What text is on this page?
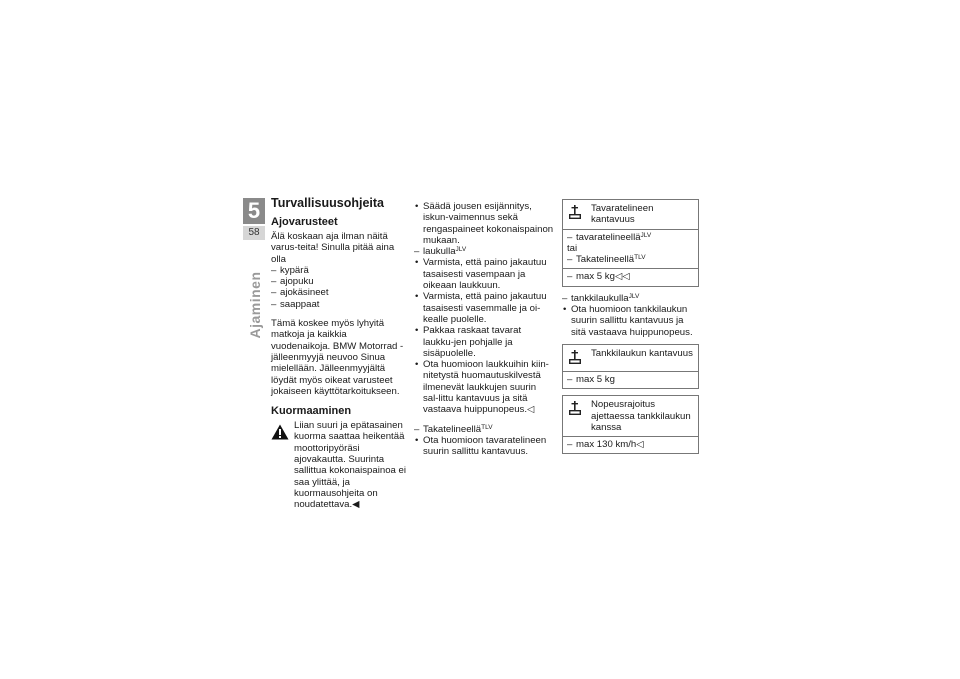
5
58
Ajaminen
Turvallisuusohjeita
Ajovarusteet

Älä koskaan aja ilman näitä varus-teita! Sinulla pitää aina olla

– kypärä
– ajopuku
– ajokäsineet
– saappaat

Tämä koskee myös lyhyitä matkoja ja kaikkia vuodenaikoja. BMW Motorrad -jälleenmyyjä neuvoo Sinua mielellään. Jälleenmyyjältä löydät myös oikeat varusteet jokaiseen käyttötarkoitukseen.

Kuormaaminen
Liian suuri ja epätasainen kuorma saattaa heikentää moottoripyöräsi ajovakautta. Suurinta sallittua kokonaispainoa ei saa ylittää, ja kuormausohjeita on noudatettava.◀
• Säädä jousen esijännitys, iskun-vaimennus sekä rengaspaineet kokonaispainon mukaan.
– laukulla$^{JLV}$
• Varmista, että paino jakautuu tasaisesti vasempaan ja oikeaan laukkuun.
• Varmista, että paino jakautuu tasaisesti vasemmalle ja oi-kealle puolelle.
• Pakkaa raskaat tavarat laukku-jen pohjalle ja sisäpuolelle.
• Ota huomioon laukkuihin kiin-nitetystä huomautuskilvestä ilmenevät laukkujen suurin sal-littu kantavuus ja sitä vastaava huippunopeus.◁
– Takatelineellä$^{TLV}$
• Ota huomioon tavaratelineen suurin sallittu kantavuus.
Tavaratelineen kantavuus
– tavaratelineellä$^{JLV}$
tai
– Takatelineellä$^{TLV}$
– max 5 kg◁◁
– tankkilaukulla$^{JLV}$
• Ota huomioon tankkilaukun suurin sallittu kantavuus ja sitä vastaava huippunopeus.
Tankkilaukun kantavuus
– max 5 kg
Nopeusrajoitus ajettaessa tankkilaukun kanssa
– max 130 km/h◁
